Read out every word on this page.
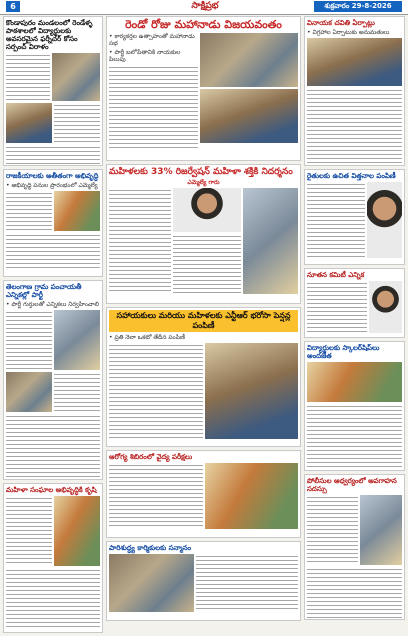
6	సాక్షిప్రభ	శుక్రవారం 29-8-2026
కొండాపురం మండలంలో రెండేళ్ళ పాఠశాలలో విద్యార్థులకు అవసరమైన ఫర్నీచర్ కోసం సర్పంచ్ విరాళం
రాజకీయాలకు అతీతంగా అభివృద్ధి
• అభివృద్ధి పనుల ప్రారంభంలో ఎమ్మెల్యే
తెలంగాణ గ్రామ పంచాయతీ ఎన్నికల్లో పార్టీ
• పార్టీ గుర్తులతో ఎన్నికలు నిర్వహించాలి
మహిళా సంఘాల అభివృద్ధికి కృషి
రెండో రోజు మహానాడు విజయవంతం
• కార్యకర్తల ఉత్సాహంతో మహానాడు సభ
• పార్టీ బలోపేతానికి నాయకుల పిలుపు
మహిళలకు 33% రిజర్వేషన్ మహిళా శక్తికి నిదర్శనం
ఎమ్మెల్యే గారు
సహాయకులు మరియు మహిళలకు ఎన్టీఆర్ భరోసా పెన్షన్ల పంపిణీ
• ప్రతి నెలా ఒకటో తేదీన పంపిణీ
ఆరోగ్య శిబిరంలో వైద్య పరీక్షలు
పారిశుద్ధ్య కార్మికులకు సన్మానం
వినాయక చవితి ఏర్పాట్లు
• విగ్రహాల ఏర్పాటుకు అనుమతులు
రైతులకు ఉచిత విత్తనాల పంపిణీ
నూతన కమిటీ ఎన్నిక
విద్యార్థులకు స్కాలర్‌షిప్‌లు అందజేత
పోలీసుల ఆధ్వర్యంలో అవగాహన సదస్సు
